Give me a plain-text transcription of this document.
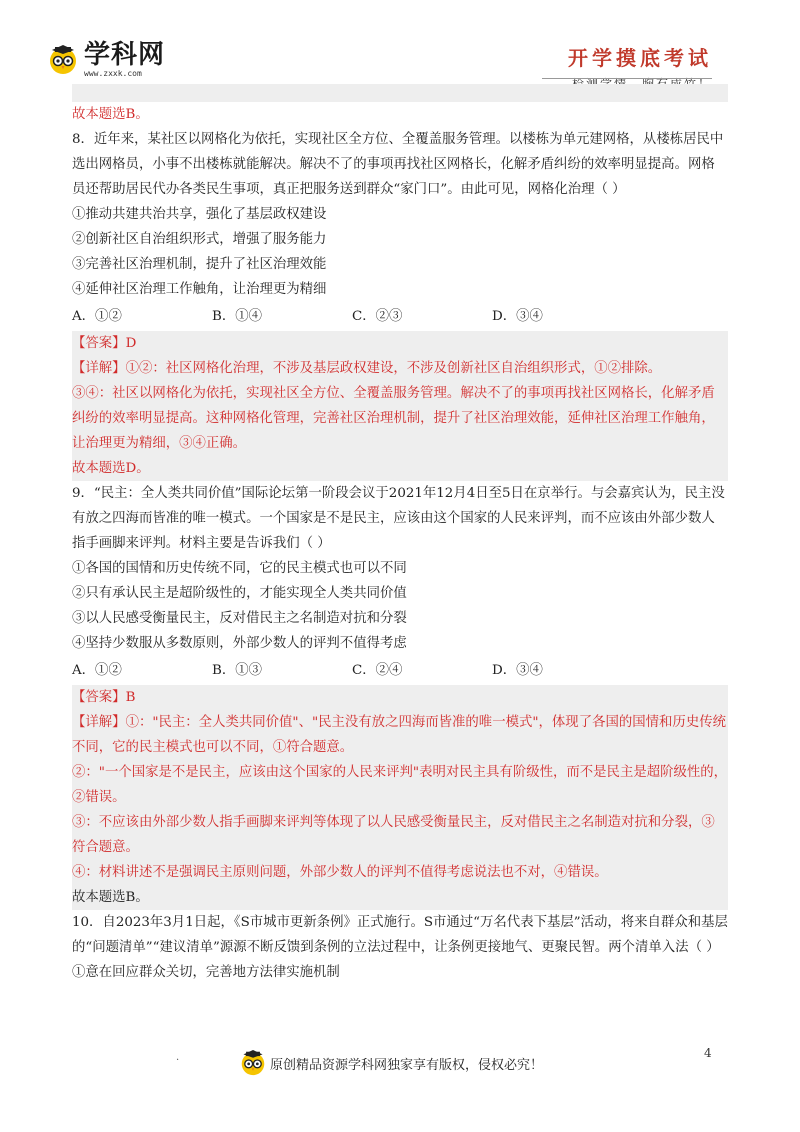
学科网
www.zxxk.com
开学摸底考试

故本题选B。

8．近年来，某社区以网格化为依托，实现社区全方位、全覆盖服务管理。以楼栋为单元建网格，从楼栋居民中选出网格员，小事不出楼栋就能解决。解决不了的事项再找社区网格长，化解矛盾纠纷的效率明显提高。网格员还帮助居民代办各类民生事项，真正把服务送到群众“家门口”。由此可见，网格化治理（ ）

①推动共建共治共享，强化了基层政权建设

②创新社区自治组织形式，增强了服务能力

③完善社区治理机制，提升了社区治理效能

④延伸社区治理工作触角，让治理更为精细

A．①②	B．①④	C．②③	D．③④

【答案】D

【详解】①②：社区网格化治理，不涉及基层政权建设，不涉及创新社区自治组织形式，①②排除。

③④：社区以网格化为依托，实现社区全方位、全覆盖服务管理。解决不了的事项再找社区网格长，化解矛盾纠纷的效率明显提高。这种网格化管理，完善社区治理机制，提升了社区治理效能，延伸社区治理工作触角，让治理更为精细，③④正确。

故本题选D。

9．“民主：全人类共同价值”国际论坛第一阶段会议于2021年12月4日至5日在京举行。与会嘉宾认为，民主没有放之四海而皆准的唯一模式。一个国家是不是民主，应该由这个国家的人民来评判，而不应该由外部少数人指手画脚来评判。材料主要是告诉我们（ ）

①各国的国情和历史传统不同，它的民主模式也可以不同

②只有承认民主是超阶级性的，才能实现全人类共同价值

③以人民感受衡量民主，反对借民主之名制造对抗和分裂

④坚持少数服从多数原则，外部少数人的评判不值得考虑

A．①②	B．①③	C．②④	D．③④

【答案】B

【详解】①："民主：全人类共同价值"、"民主没有放之四海而皆准的唯一模式"，体现了各国的国情和历史传统不同，它的民主模式也可以不同，①符合题意。

②："一个国家是不是民主，应该由这个国家的人民来评判"表明对民主具有阶级性，而不是民主是超阶级性的，②错误。

③：不应该由外部少数人指手画脚来评判等体现了以人民感受衡量民主，反对借民主之名制造对抗和分裂，③符合题意。

④：材料讲述不是强调民主原则问题，外部少数人的评判不值得考虑说法也不对，④错误。

故本题选B。

10．自2023年3月1日起，《S市城市更新条例》正式施行。S市通过“万名代表下基层”活动，将来自群众和基层的“问题清单”“建议清单”源源不断反馈到条例的立法过程中，让条例更接地气、更聚民智。两个清单入法（ ）

①意在回应群众关切，完善地方法律实施机制

.	原创精品资源学科网独家享有版权，侵权必究！
4
